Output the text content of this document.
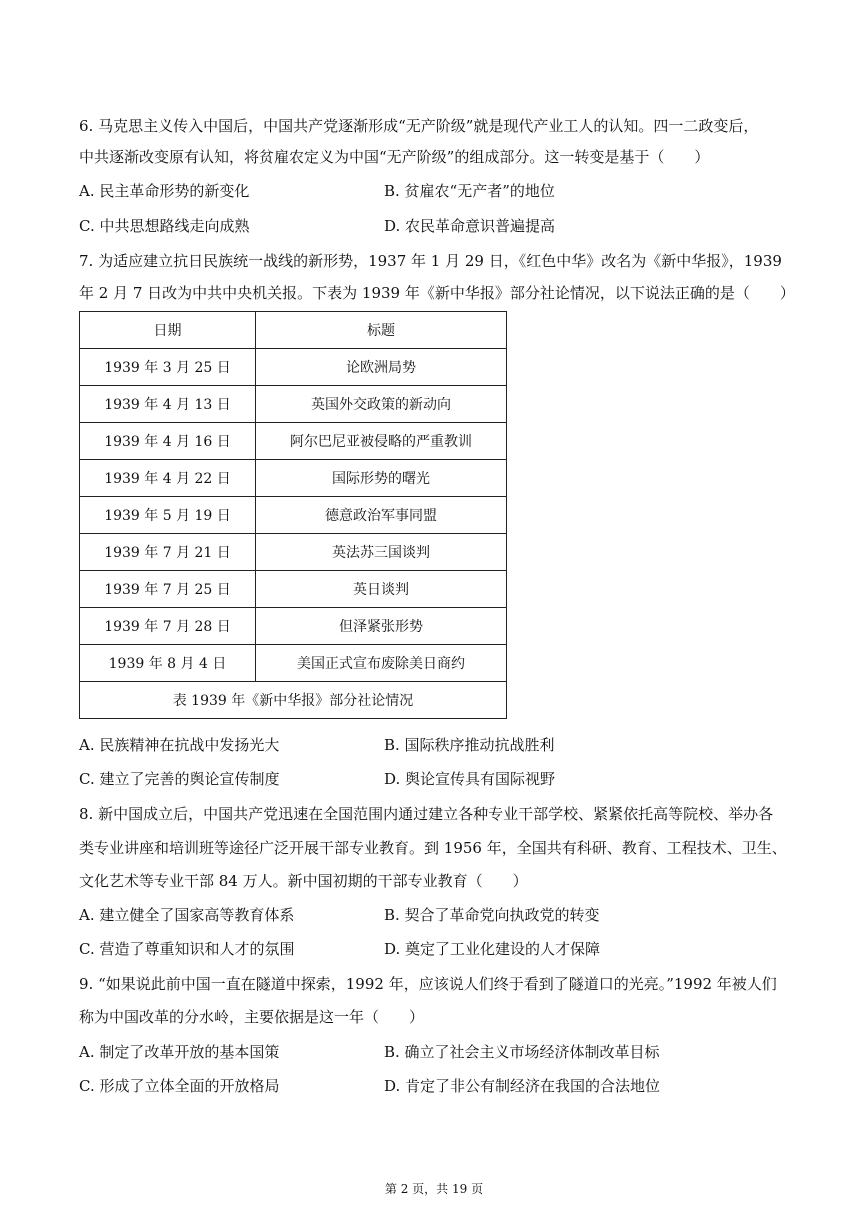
6. 马克思主义传入中国后，中国共产党逐渐形成“无产阶级”就是现代产业工人的认知。四一二政变后，
中共逐渐改变原有认知，将贫雇农定义为中国“无产阶级”的组成部分。这一转变是基于（　　）
A. 民主革命形势的新变化	B. 贫雇农“无产者”的地位
C. 中共思想路线走向成熟	D. 农民革命意识普遍提高
7. 为适应建立抗日民族统一战线的新形势，1937 年 1 月 29 日，《红色中华》改名为《新中华报》，1939
年 2 月 7 日改为中共中央机关报。下表为 1939 年《新中华报》部分社论情况，以下说法正确的是（　　）
日期	标题
1939 年 3 月 25 日	论欧洲局势
1939 年 4 月 13 日	英国外交政策的新动向
1939 年 4 月 16 日	阿尔巴尼亚被侵略的严重教训
1939 年 4 月 22 日	国际形势的曙光
1939 年 5 月 19 日	德意政治军事同盟
1939 年 7 月 21 日	英法苏三国谈判
1939 年 7 月 25 日	英日谈判
1939 年 7 月 28 日	但泽紧张形势
1939 年 8 月 4 日	美国正式宣布废除美日商约
表 1939 年《新中华报》部分社论情况	
A. 民族精神在抗战中发扬光大	B. 国际秩序推动抗战胜利
C. 建立了完善的舆论宣传制度	D. 舆论宣传具有国际视野
8. 新中国成立后，中国共产党迅速在全国范围内通过建立各种专业干部学校、紧紧依托高等院校、举办各
类专业讲座和培训班等途径广泛开展干部专业教育。到 1956 年，全国共有科研、教育、工程技术、卫生、
文化艺术等专业干部 84 万人。新中国初期的干部专业教育（　　）
A. 建立健全了国家高等教育体系	B. 契合了革命党向执政党的转变
C. 营造了尊重知识和人才的氛围	D. 奠定了工业化建设的人才保障
9. “如果说此前中国一直在隧道中探索，1992 年，应该说人们终于看到了隧道口的光亮。”1992 年被人们
称为中国改革的分水岭，主要依据是这一年（　　）
A. 制定了改革开放的基本国策	B. 确立了社会主义市场经济体制改革目标
C. 形成了立体全面的开放格局	D. 肯定了非公有制经济在我国的合法地位
第 2 页，共 19 页
